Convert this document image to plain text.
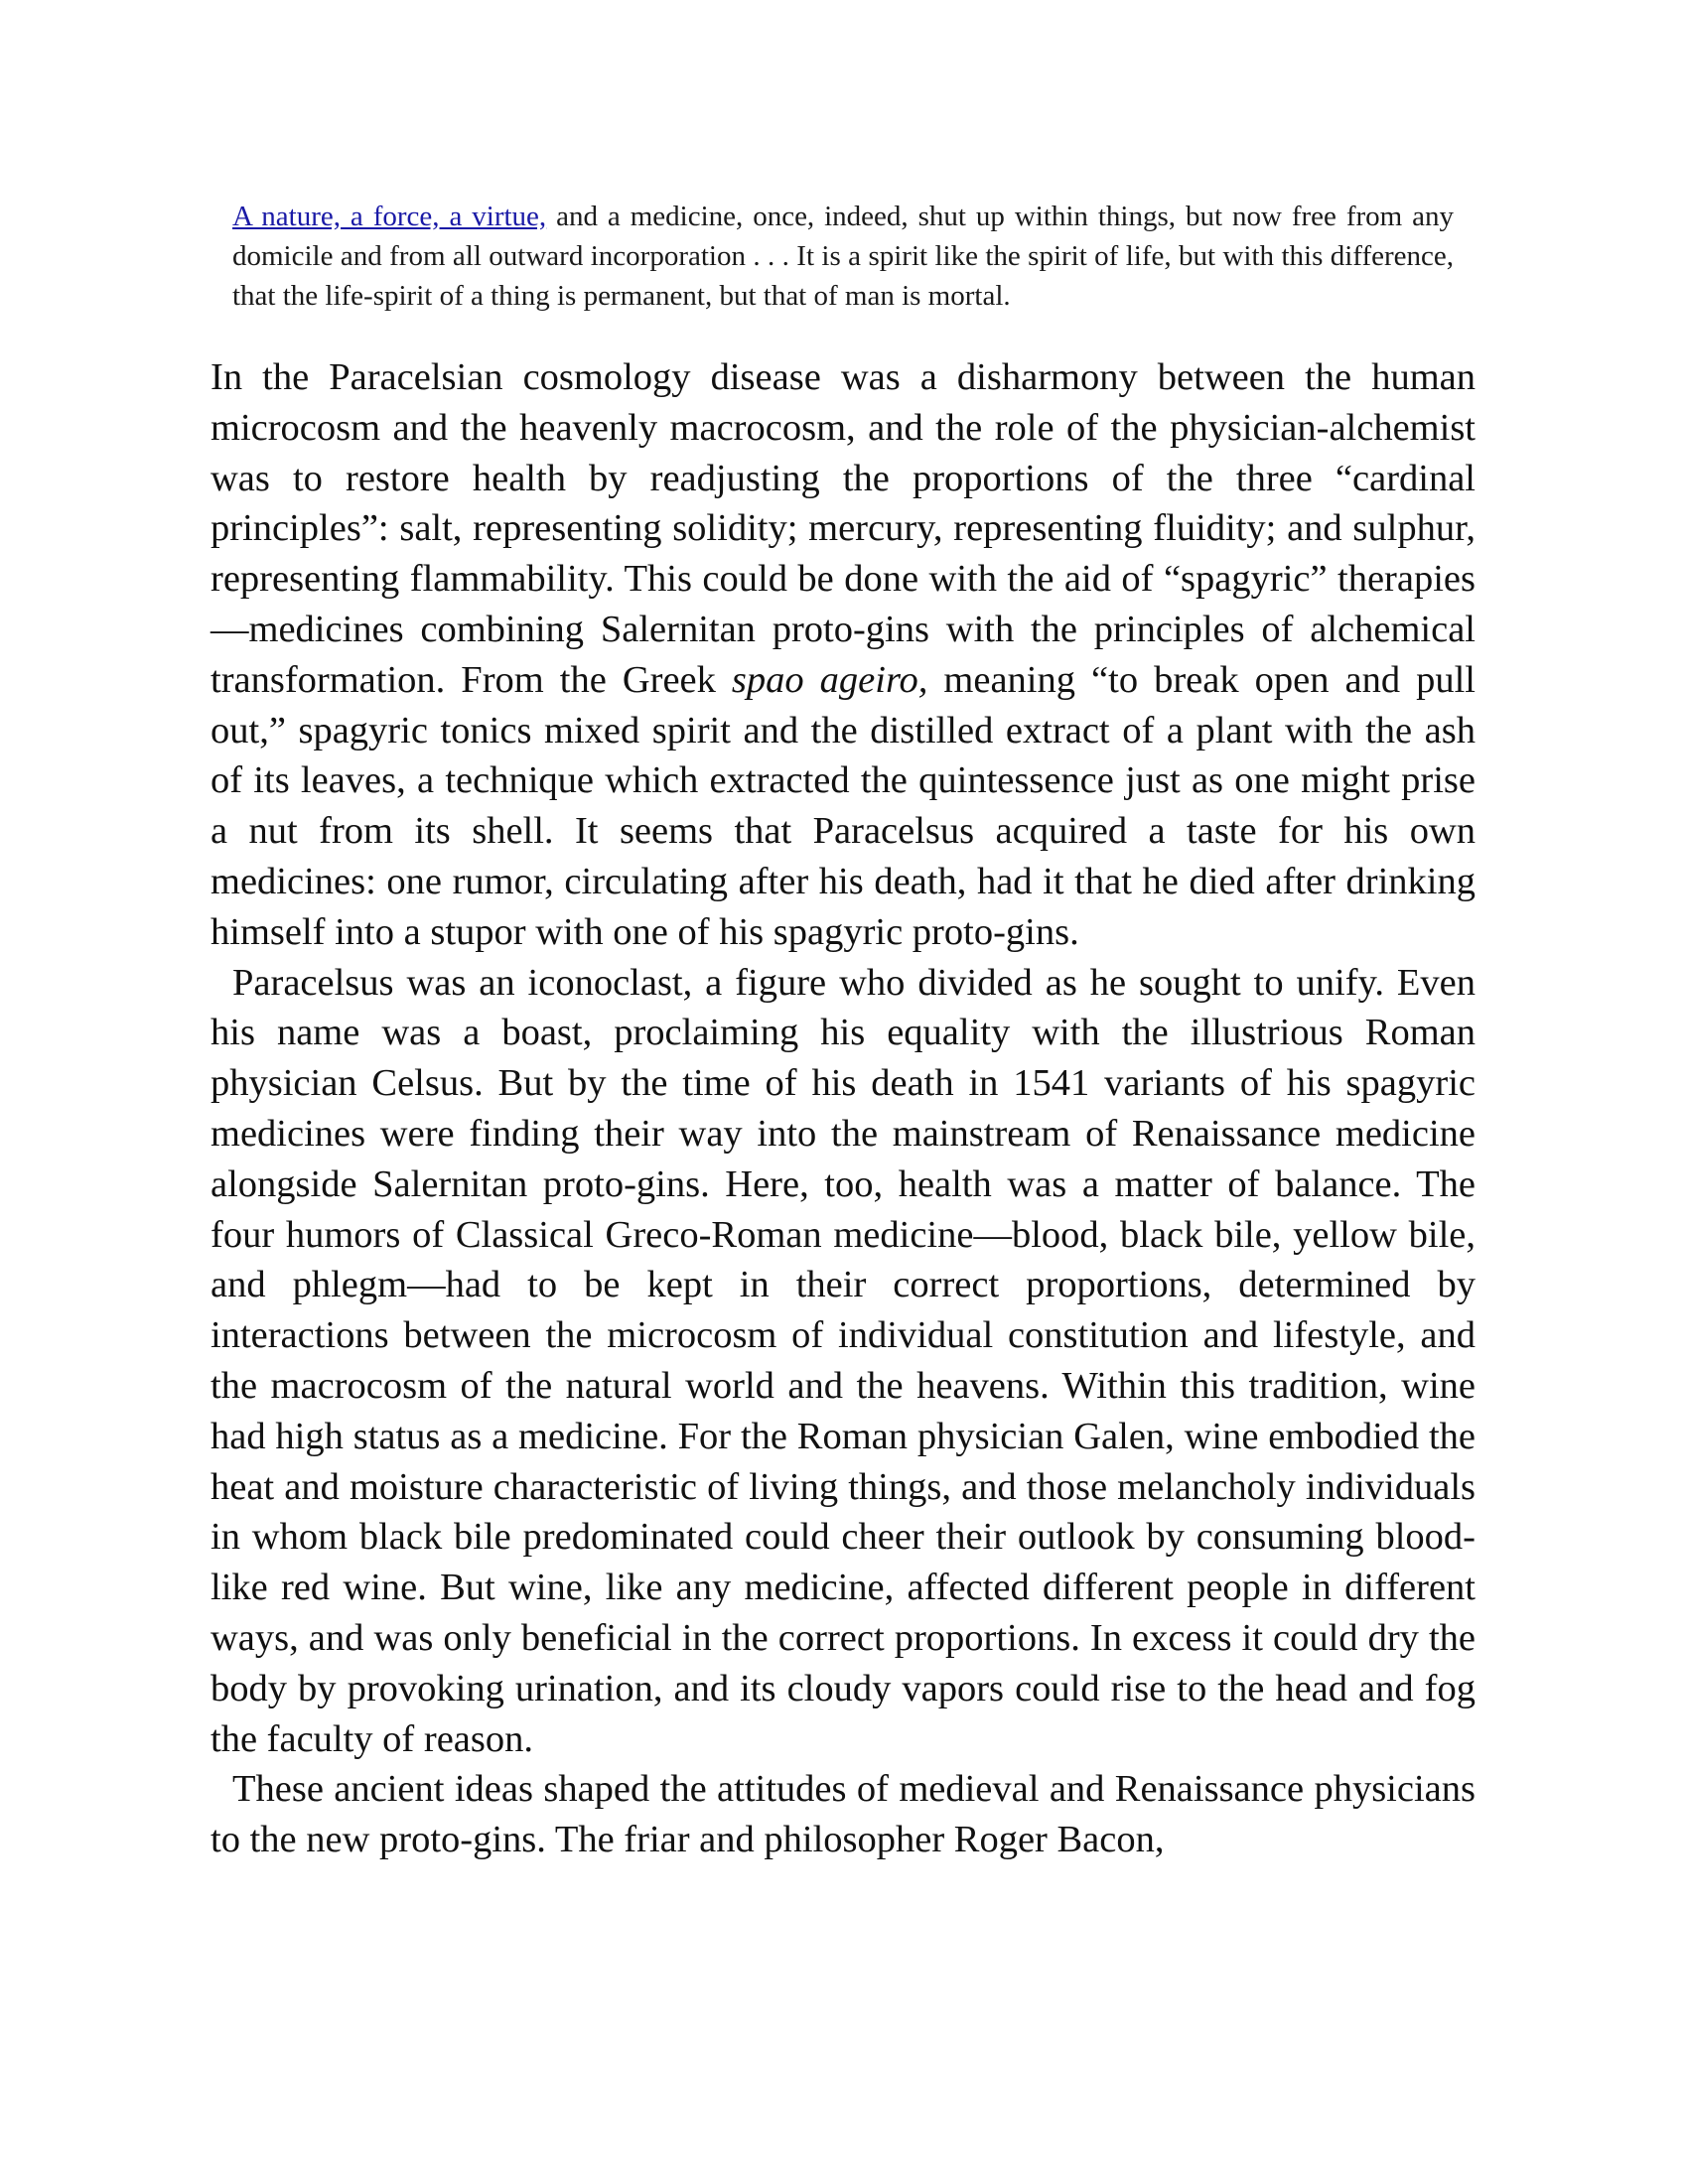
A nature, a force, a virtue, and a medicine, once, indeed, shut up within things, but now free from any domicile and from all outward incorporation . . . It is a spirit like the spirit of life, but with this difference, that the life-spirit of a thing is permanent, but that of man is mortal.

In the Paracelsian cosmology disease was a disharmony between the human microcosm and the heavenly macrocosm, and the role of the physician-alchemist was to restore health by readjusting the proportions of the three “cardinal principles”: salt, representing solidity; mercury, representing fluidity; and sulphur, representing flammability. This could be done with the aid of “spagyric” therapies—medicines combining Salernitan proto-gins with the principles of alchemical transformation. From the Greek spao ageiro, meaning “to break open and pull out,” spagyric tonics mixed spirit and the distilled extract of a plant with the ash of its leaves, a technique which extracted the quintessence just as one might prise a nut from its shell. It seems that Paracelsus acquired a taste for his own medicines: one rumor, circulating after his death, had it that he died after drinking himself into a stupor with one of his spagyric proto-gins.

Paracelsus was an iconoclast, a figure who divided as he sought to unify. Even his name was a boast, proclaiming his equality with the illustrious Roman physician Celsus. But by the time of his death in 1541 variants of his spagyric medicines were finding their way into the mainstream of Renaissance medicine alongside Salernitan proto-gins. Here, too, health was a matter of balance. The four humors of Classical Greco-Roman medicine—blood, black bile, yellow bile, and phlegm—had to be kept in their correct proportions, determined by interactions between the microcosm of individual constitution and lifestyle, and the macrocosm of the natural world and the heavens. Within this tradition, wine had high status as a medicine. For the Roman physician Galen, wine embodied the heat and moisture characteristic of living things, and those melancholy individuals in whom black bile predominated could cheer their outlook by consuming blood-like red wine. But wine, like any medicine, affected different people in different ways, and was only beneficial in the correct proportions. In excess it could dry the body by provoking urination, and its cloudy vapors could rise to the head and fog the faculty of reason.

These ancient ideas shaped the attitudes of medieval and Renaissance physicians to the new proto-gins. The friar and philosopher Roger Bacon,
